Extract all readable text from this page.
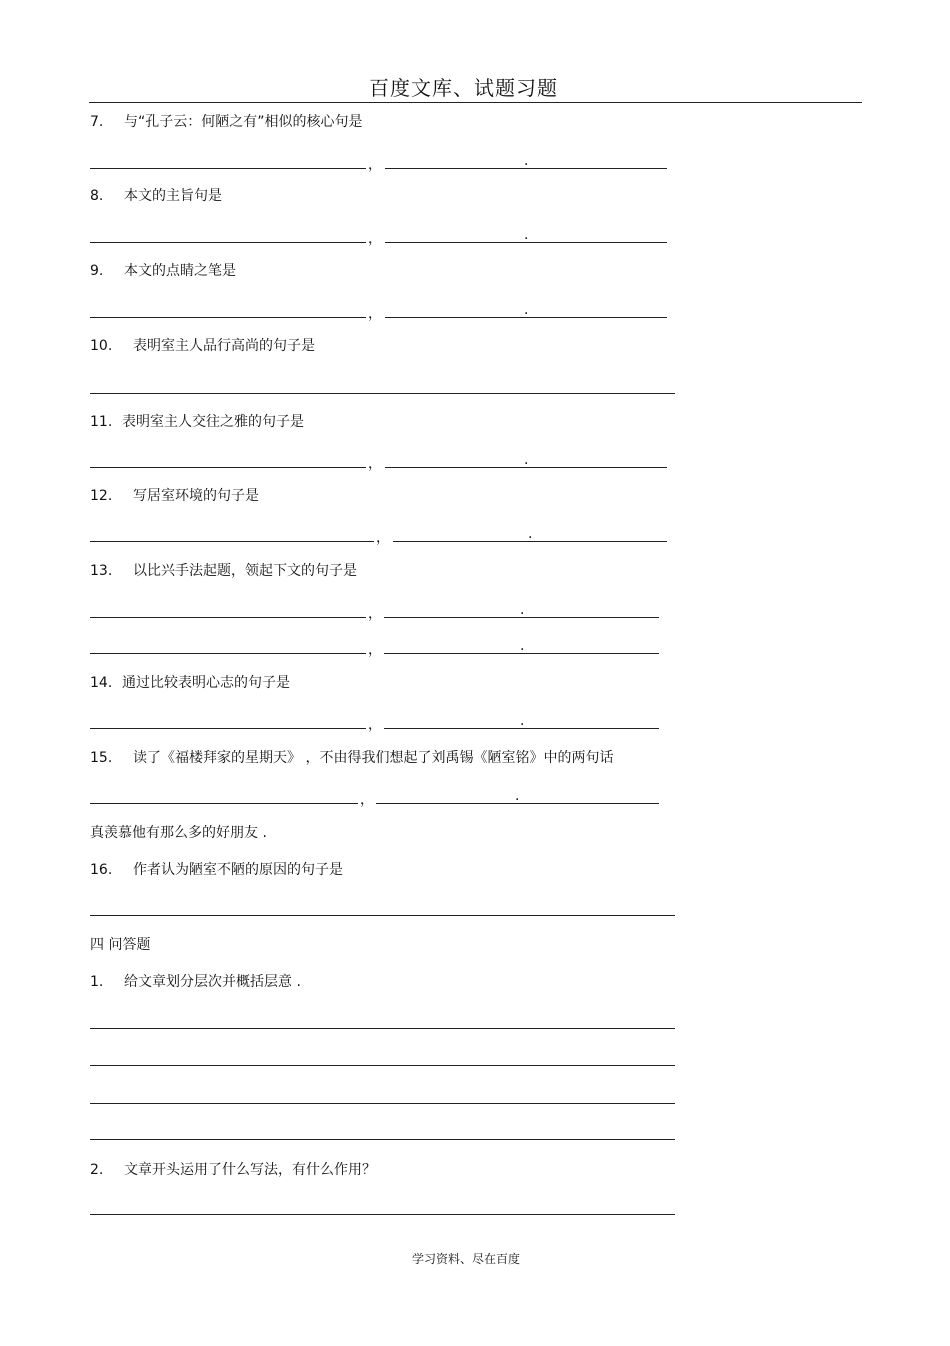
百度文库、试题习题
7. 与“孔子云：何陋之有”相似的核心句是
，	.
8. 本文的主旨句是
，	.
9. 本文的点睛之笔是
，	.
10. 表明室主人品行高尚的句子是
11. 表明室主人交往之雅的句子是
，	.
12. 写居室环境的句子是
，	.
13. 以比兴手法起题，领起下文的句子是
，	.
，	.
14. 通过比较表明心志的句子是
，	.
15. 读了《福楼拜家的星期天》 ，不由得我们想起了刘禹锡《陋室铭》中的两句话
，	.
真羡慕他有那么多的好朋友 .
16. 作者认为陋室不陋的原因的句子是
四 问答题
1. 给文章划分层次并概括层意 .
2. 文章开头运用了什么写法，有什么作用？
学习资料、尽在百度
